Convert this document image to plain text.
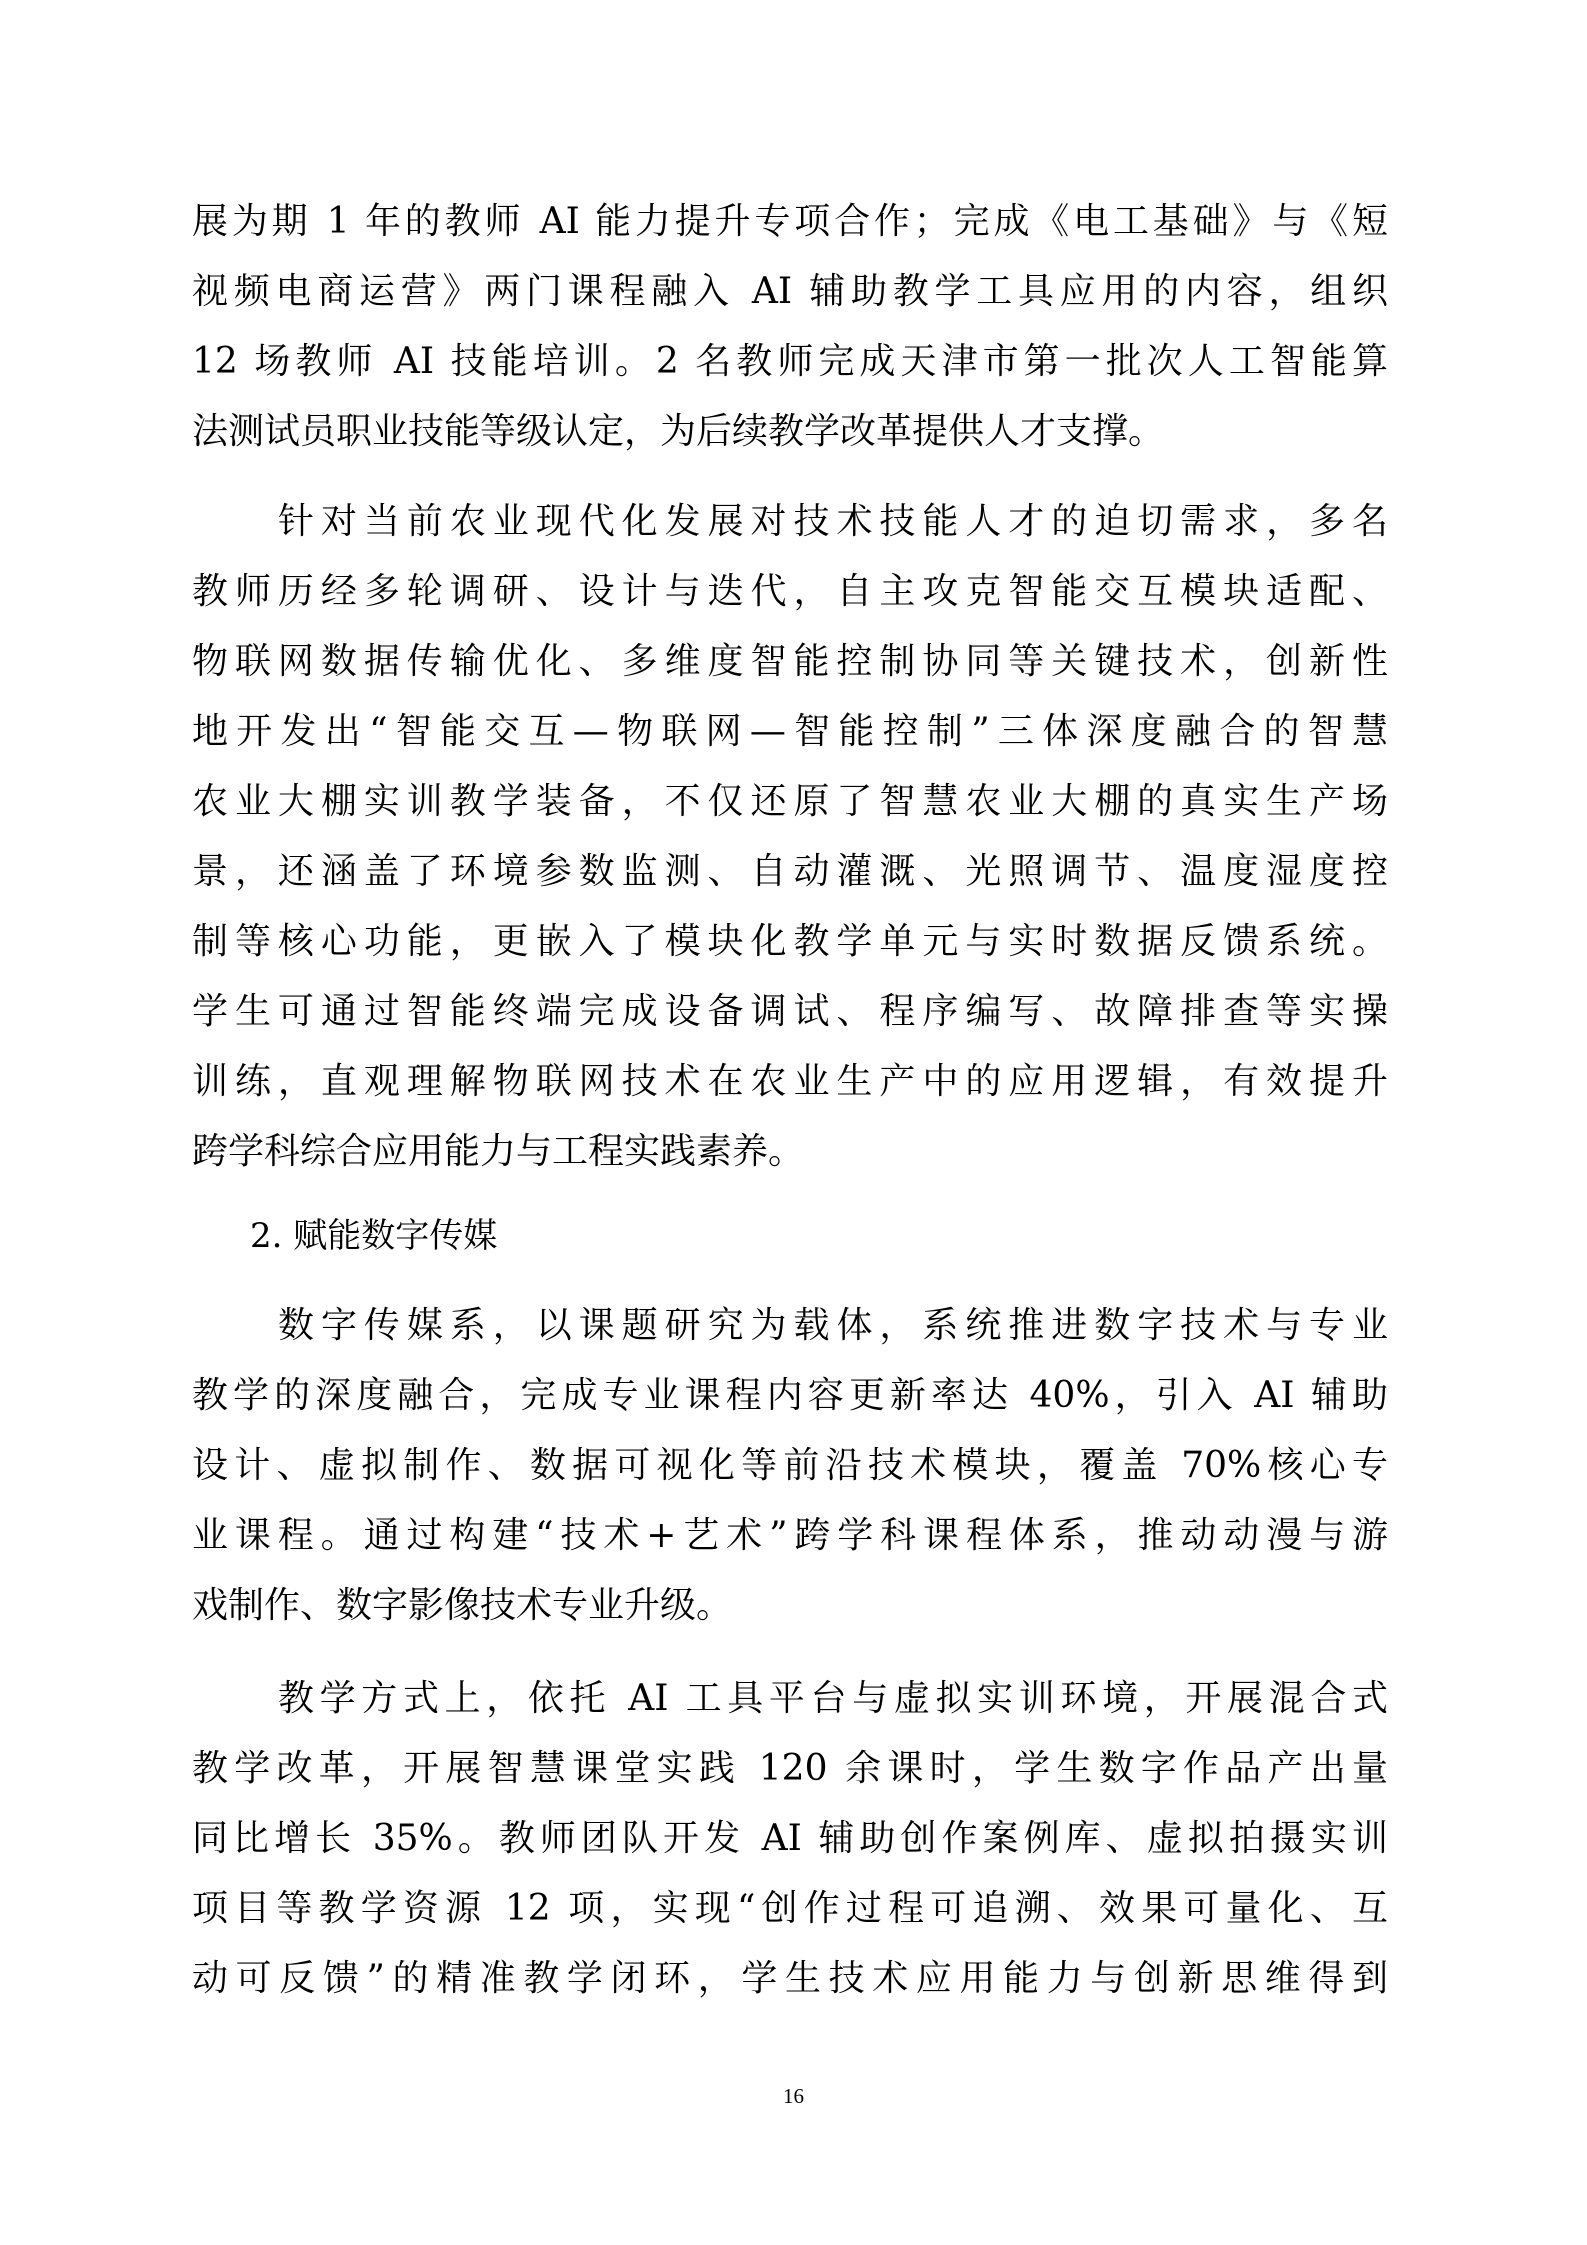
展为期 1 年的教师 AI 能力提升专项合作；完成《电工基础》与《短
视频电商运营》两门课程融入 AI 辅助教学工具应用的内容，组织
12 场教师 AI 技能培训。2 名教师完成天津市第一批次人工智能算
法测试员职业技能等级认定，为后续教学改革提供人才支撑。
针对当前农业现代化发展对技术技能人才的迫切需求，多名
教师历经多轮调研、设计与迭代，自主攻克智能交互模块适配、
物联网数据传输优化、多维度智能控制协同等关键技术，创新性
地开发出“智能交互—物联网—智能控制”三体深度融合的智慧
农业大棚实训教学装备，不仅还原了智慧农业大棚的真实生产场
景，还涵盖了环境参数监测、自动灌溉、光照调节、温度湿度控
制等核心功能，更嵌入了模块化教学单元与实时数据反馈系统。
学生可通过智能终端完成设备调试、程序编写、故障排查等实操
训练，直观理解物联网技术在农业生产中的应用逻辑，有效提升
跨学科综合应用能力与工程实践素养。
2. 赋能数字传媒
数字传媒系，以课题研究为载体，系统推进数字技术与专业
教学的深度融合，完成专业课程内容更新率达 40%，引入 AI 辅助
设计、虚拟制作、数据可视化等前沿技术模块，覆盖 70%核心专
业课程。通过构建“技术+艺术”跨学科课程体系，推动动漫与游
戏制作、数字影像技术专业升级。
教学方式上，依托 AI 工具平台与虚拟实训环境，开展混合式
教学改革，开展智慧课堂实践 120 余课时，学生数字作品产出量
同比增长 35%。教师团队开发 AI 辅助创作案例库、虚拟拍摄实训
项目等教学资源 12 项，实现“创作过程可追溯、效果可量化、互
动可反馈”的精准教学闭环，学生技术应用能力与创新思维得到
16
